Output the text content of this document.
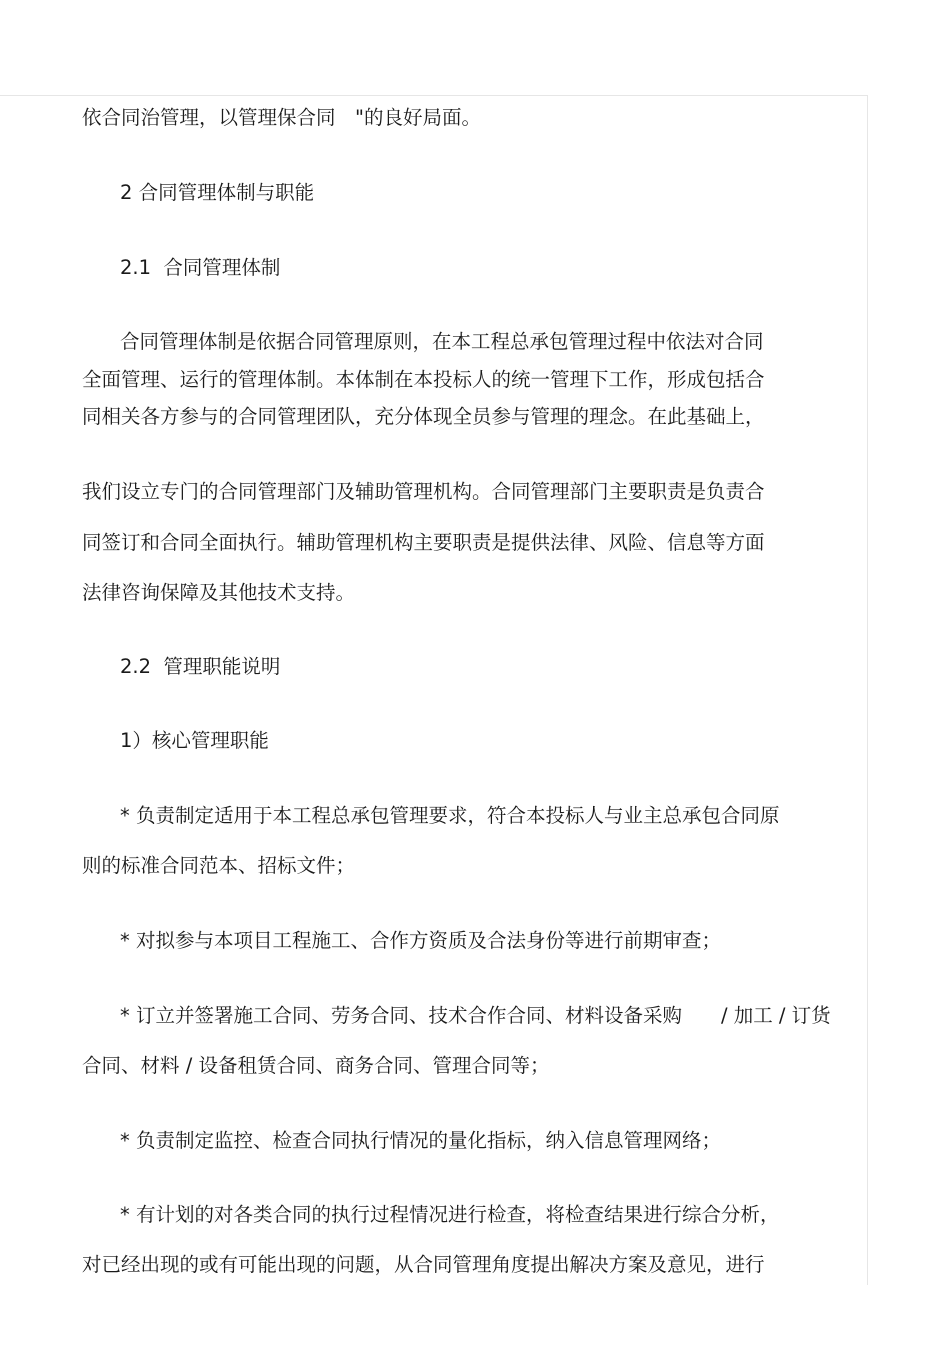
依合同治管理，以管理保合同　"的良好局面。

2 合同管理体制与职能

2.1  合同管理体制

合同管理体制是依据合同管理原则，在本工程总承包管理过程中依法对合同

全面管理、运行的管理体制。本体制在本投标人的统一管理下工作，形成包括合

同相关各方参与的合同管理团队，充分体现全员参与管理的理念。在此基础上，

我们设立专门的合同管理部门及辅助管理机构。合同管理部门主要职责是负责合

同签订和合同全面执行。辅助管理机构主要职责是提供法律、风险、信息等方面

法律咨询保障及其他技术支持。

2.2  管理职能说明

1）核心管理职能

* 负责制定适用于本工程总承包管理要求，符合本投标人与业主总承包合同原

则的标准合同范本、招标文件；

* 对拟参与本项目工程施工、合作方资质及合法身份等进行前期审查；

* 订立并签署施工合同、劳务合同、技术合作合同、材料设备采购　　/ 加工 / 订货

合同、材料 / 设备租赁合同、商务合同、管理合同等；

* 负责制定监控、检查合同执行情况的量化指标，纳入信息管理网络；

* 有计划的对各类合同的执行过程情况进行检查，将检查结果进行综合分析，

对已经出现的或有可能出现的问题，从合同管理角度提出解决方案及意见，进行
